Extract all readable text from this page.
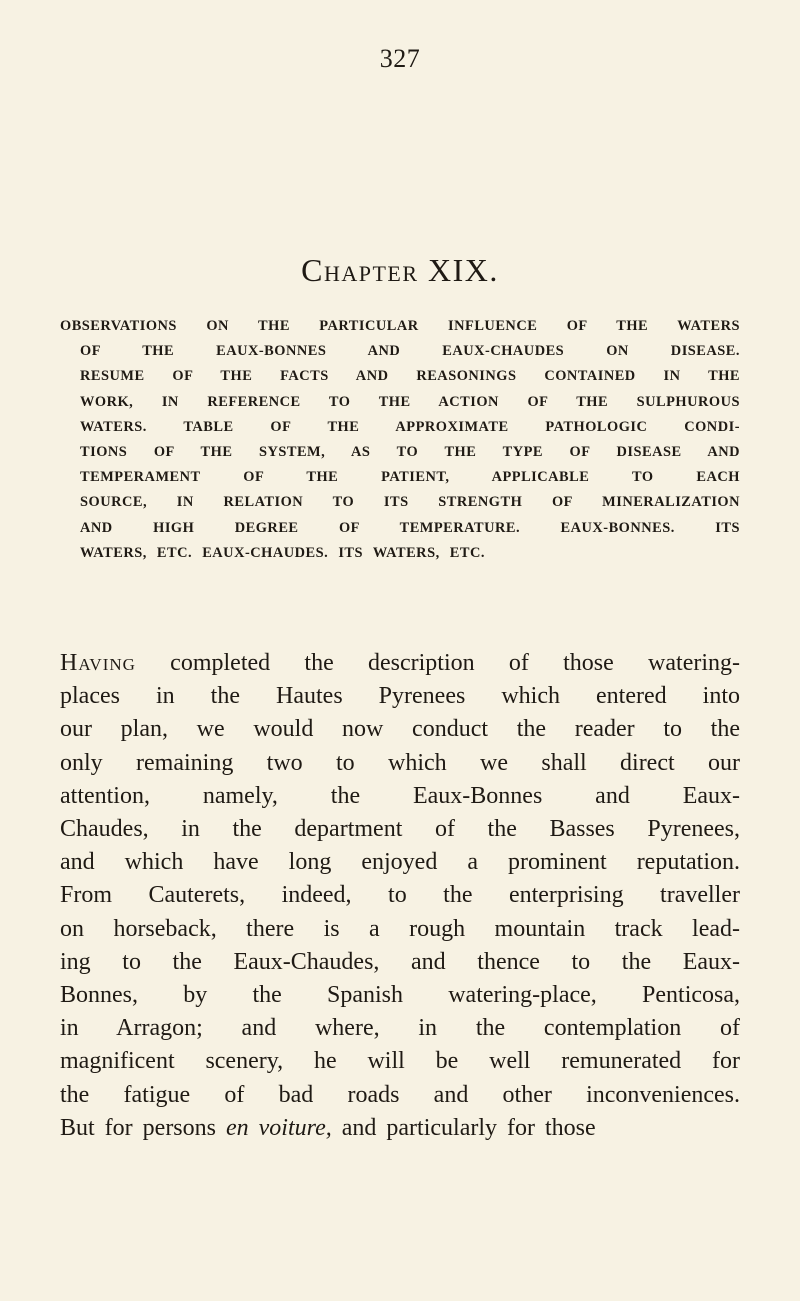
327
Chapter XIX.
OBSERVATIONS ON THE PARTICULAR INFLUENCE OF THE WATERS
OF THE EAUX-BONNES AND EAUX-CHAUDES ON DISEASE.
RESUME OF THE FACTS AND REASONINGS CONTAINED IN THE
WORK, IN REFERENCE TO THE ACTION OF THE SULPHUROUS
WATERS. TABLE OF THE APPROXIMATE PATHOLOGIC CONDI-
TIONS OF THE SYSTEM, AS TO THE TYPE OF DISEASE AND
TEMPERAMENT OF THE PATIENT, APPLICABLE TO EACH
SOURCE, IN RELATION TO ITS STRENGTH OF MINERALIZATION
AND HIGH DEGREE OF TEMPERATURE. EAUX-BONNES. ITS
WATERS, ETC. EAUX-CHAUDES. ITS WATERS, ETC.
Having completed the description of those watering-
places in the Hautes Pyrenees which entered into
our plan, we would now conduct the reader to the
only remaining two to which we shall direct our
attention, namely, the Eaux-Bonnes and Eaux-
Chaudes, in the department of the Basses Pyrenees,
and which have long enjoyed a prominent reputation.
From Cauterets, indeed, to the enterprising traveller
on horseback, there is a rough mountain track lead-
ing to the Eaux-Chaudes, and thence to the Eaux-
Bonnes, by the Spanish watering-place, Penticosa,
in Arragon; and where, in the contemplation of
magnificent scenery, he will be well remunerated for
the fatigue of bad roads and other inconveniences.
But for persons en voiture, and particularly for those
